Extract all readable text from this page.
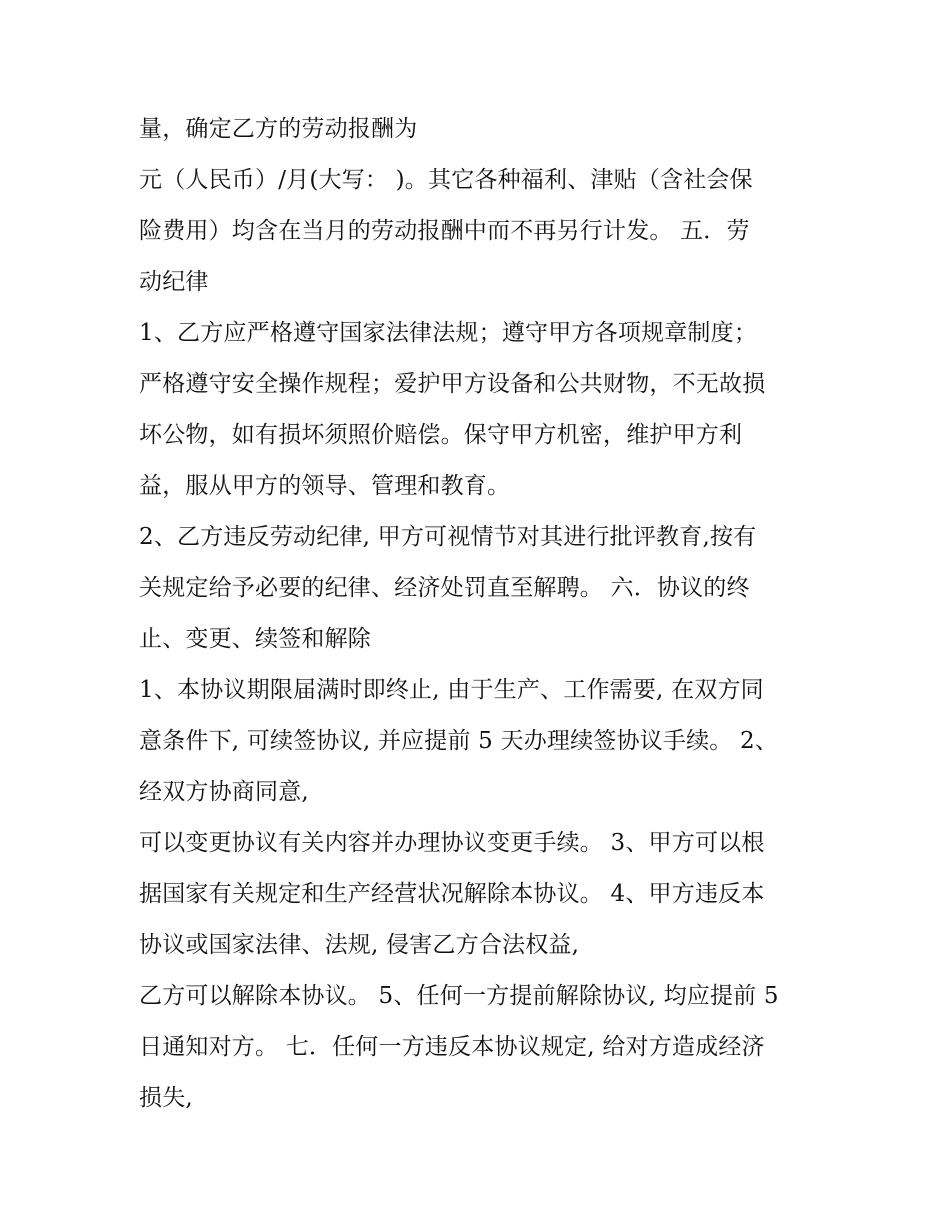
量，确定乙方的劳动报酬为
元（人民币）/月(大写： )。其它各种福利、津贴（含社会保
险费用）均含在当月的劳动报酬中而不再另行计发。 五．劳
动纪律
1、乙方应严格遵守国家法律法规；遵守甲方各项规章制度；
严格遵守安全操作规程；爱护甲方设备和公共财物，不无故损
坏公物，如有损坏须照价赔偿。保守甲方机密，维护甲方利
益，服从甲方的领导、管理和教育。
2、乙方违反劳动纪律, 甲方可视情节对其进行批评教育,按有
关规定给予必要的纪律、经济处罚直至解聘。 六．协议的终
止、变更、续签和解除
1、本协议期限届满时即终止, 由于生产、工作需要, 在双方同
意条件下, 可续签协议, 并应提前 5 天办理续签协议手续。 2、
经双方协商同意,
可以变更协议有关内容并办理协议变更手续。 3、甲方可以根
据国家有关规定和生产经营状况解除本协议。 4、甲方违反本
协议或国家法律、法规, 侵害乙方合法权益,
乙方可以解除本协议。 5、任何一方提前解除协议, 均应提前 5
日通知对方。 七．任何一方违反本协议规定, 给对方造成经济
损失,
